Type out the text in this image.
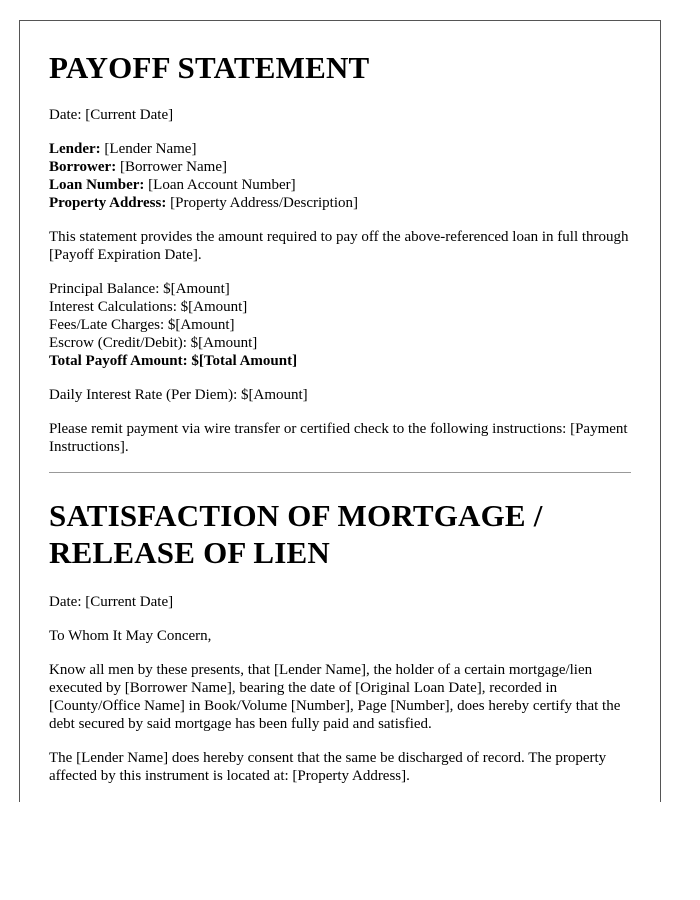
PAYOFF STATEMENT

Date: [Current Date]

Lender: [Lender Name]
Borrower: [Borrower Name]
Loan Number: [Loan Account Number]
Property Address: [Property Address/Description]

This statement provides the amount required to pay off the above-referenced loan in full through [Payoff Expiration Date].

Principal Balance: $[Amount]
Interest Calculations: $[Amount]
Fees/Late Charges: $[Amount]
Escrow (Credit/Debit): $[Amount]
Total Payoff Amount: $[Total Amount]

Daily Interest Rate (Per Diem): $[Amount]

Please remit payment via wire transfer or certified check to the following instructions: [Payment Instructions].

SATISFACTION OF MORTGAGE / RELEASE OF LIEN

Date: [Current Date]

To Whom It May Concern,

Know all men by these presents, that [Lender Name], the holder of a certain mortgage/lien executed by [Borrower Name], bearing the date of [Original Loan Date], recorded in [County/Office Name] in Book/Volume [Number], Page [Number], does hereby certify that the debt secured by said mortgage has been fully paid and satisfied.

The [Lender Name] does hereby consent that the same be discharged of record. The property affected by this instrument is located at: [Property Address].
